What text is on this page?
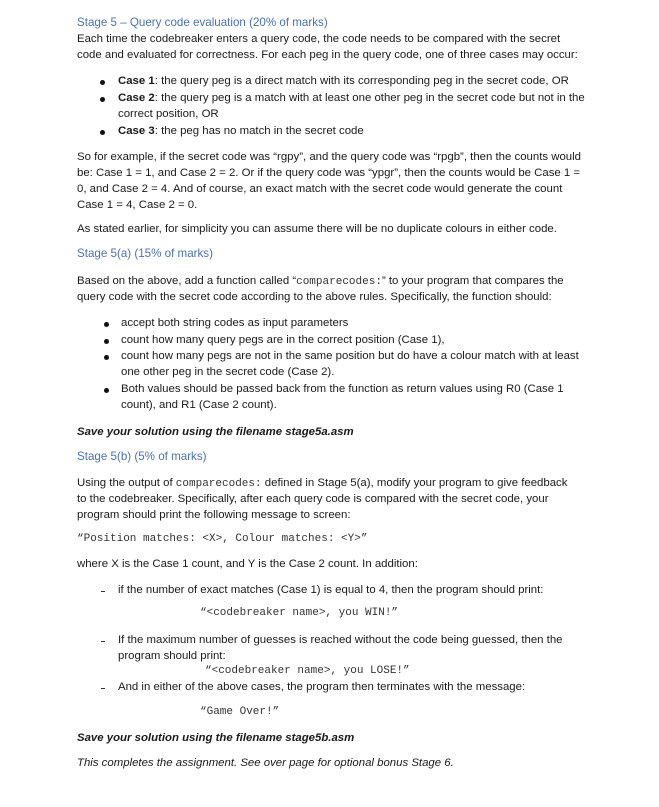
Stage 5 – Query code evaluation (20% of marks)
Each time the codebreaker enters a query code, the code needs to be compared with the secret
code and evaluated for correctness. For each peg in the query code, one of three cases may occur:
Case 1: the query peg is a direct match with its corresponding peg in the secret code, OR
Case 2: the query peg is a match with at least one other peg in the secret code but not in the
correct position, OR
Case 3: the peg has no match in the secret code
So for example, if the secret code was “rgpy”, and the query code was “rpgb”, then the counts would
be: Case 1 = 1, and Case 2 = 2. Or if the query code was “ypgr”, then the counts would be Case 1 =
0, and Case 2 = 4. And of course, an exact match with the secret code would generate the count
Case 1 = 4, Case 2 = 0.
As stated earlier, for simplicity you can assume there will be no duplicate colours in either code.
Stage 5(a) (15% of marks)
Based on the above, add a function called “comparecodes:” to your program that compares the
query code with the secret code according to the above rules. Specifically, the function should:
accept both string codes as input parameters
count how many query pegs are in the correct position (Case 1),
count how many pegs are not in the same position but do have a colour match with at least
one other peg in the secret code (Case 2).
Both values should be passed back from the function as return values using R0 (Case 1
count), and R1 (Case 2 count).
Save your solution using the filename stage5a.asm
Stage 5(b) (5% of marks)
Using the output of comparecodes: defined in Stage 5(a), modify your program to give feedback
to the codebreaker. Specifically, after each query code is compared with the secret code, your
program should print the following message to screen:
“Position matches: <X>, Colour matches: <Y>”
where X is the Case 1 count, and Y is the Case 2 count. In addition:
if the number of exact matches (Case 1) is equal to 4, then the program should print:
“<codebreaker name>, you WIN!”
If the maximum number of guesses is reached without the code being guessed, then the
program should print:
“<codebreaker name>, you LOSE!”
And in either of the above cases, the program then terminates with the message:
“Game Over!”
Save your solution using the filename stage5b.asm
This completes the assignment. See over page for optional bonus Stage 6.
